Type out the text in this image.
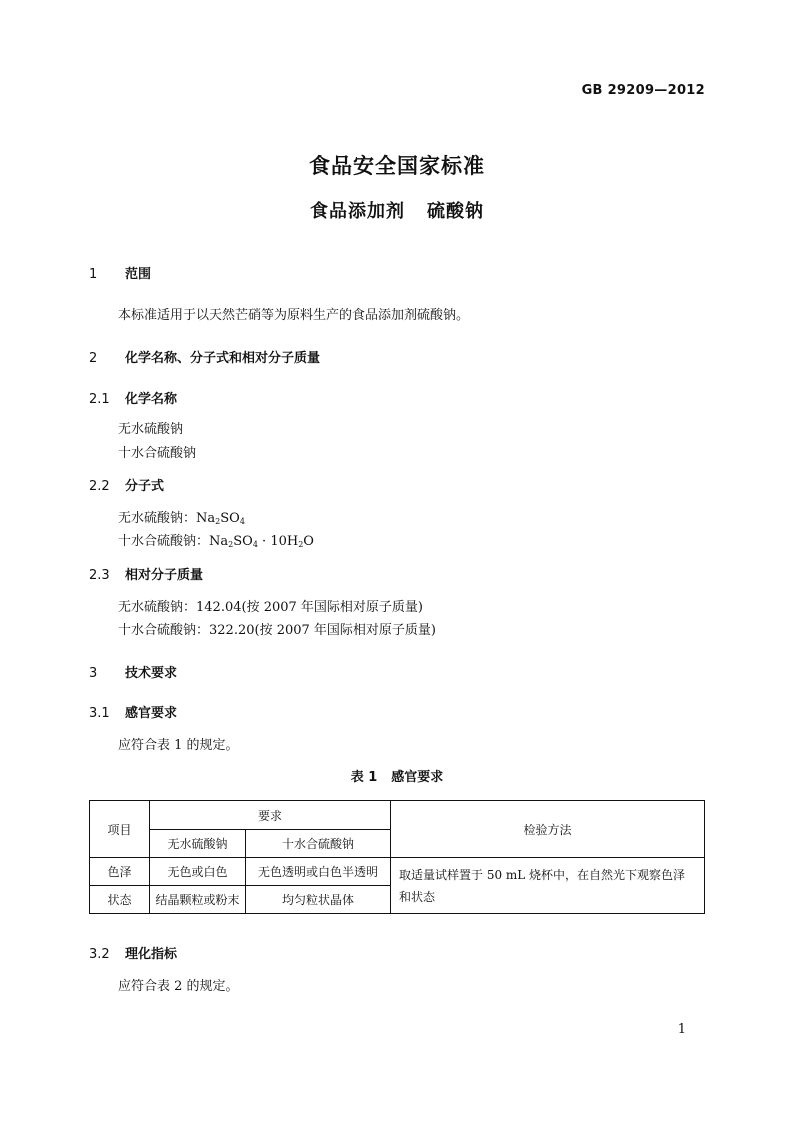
GB 29209—2012
食品安全国家标准
食品添加剂 硫酸钠
1 范围
本标准适用于以天然芒硝等为原料生产的食品添加剂硫酸钠。
2 化学名称、分子式和相对分子质量
2.1 化学名称
无水硫酸钠
十水合硫酸钠
2.2 分子式
无水硫酸钠：$Na_2SO_4$
十水合硫酸钠：$Na_2SO_4 \cdot 10H_2O$
2.3 相对分子质量
无水硫酸钠：142.04(按 2007 年国际相对原子质量)
十水合硫酸钠：322.20(按 2007 年国际相对原子质量)
3 技术要求
3.1 感官要求
应符合表 1 的规定。
表 1 感官要求
项目	要求		检验方法
	无水硫酸钠	十水合硫酸钠	
色泽	无色或白色	无色透明或白色半透明	取适量试样置于 50 mL 烧杯中，在自然光下观察色泽和状态
状态	结晶颗粒或粉末	均匀粒状晶体	
3.2 理化指标
应符合表 2 的规定。
1
